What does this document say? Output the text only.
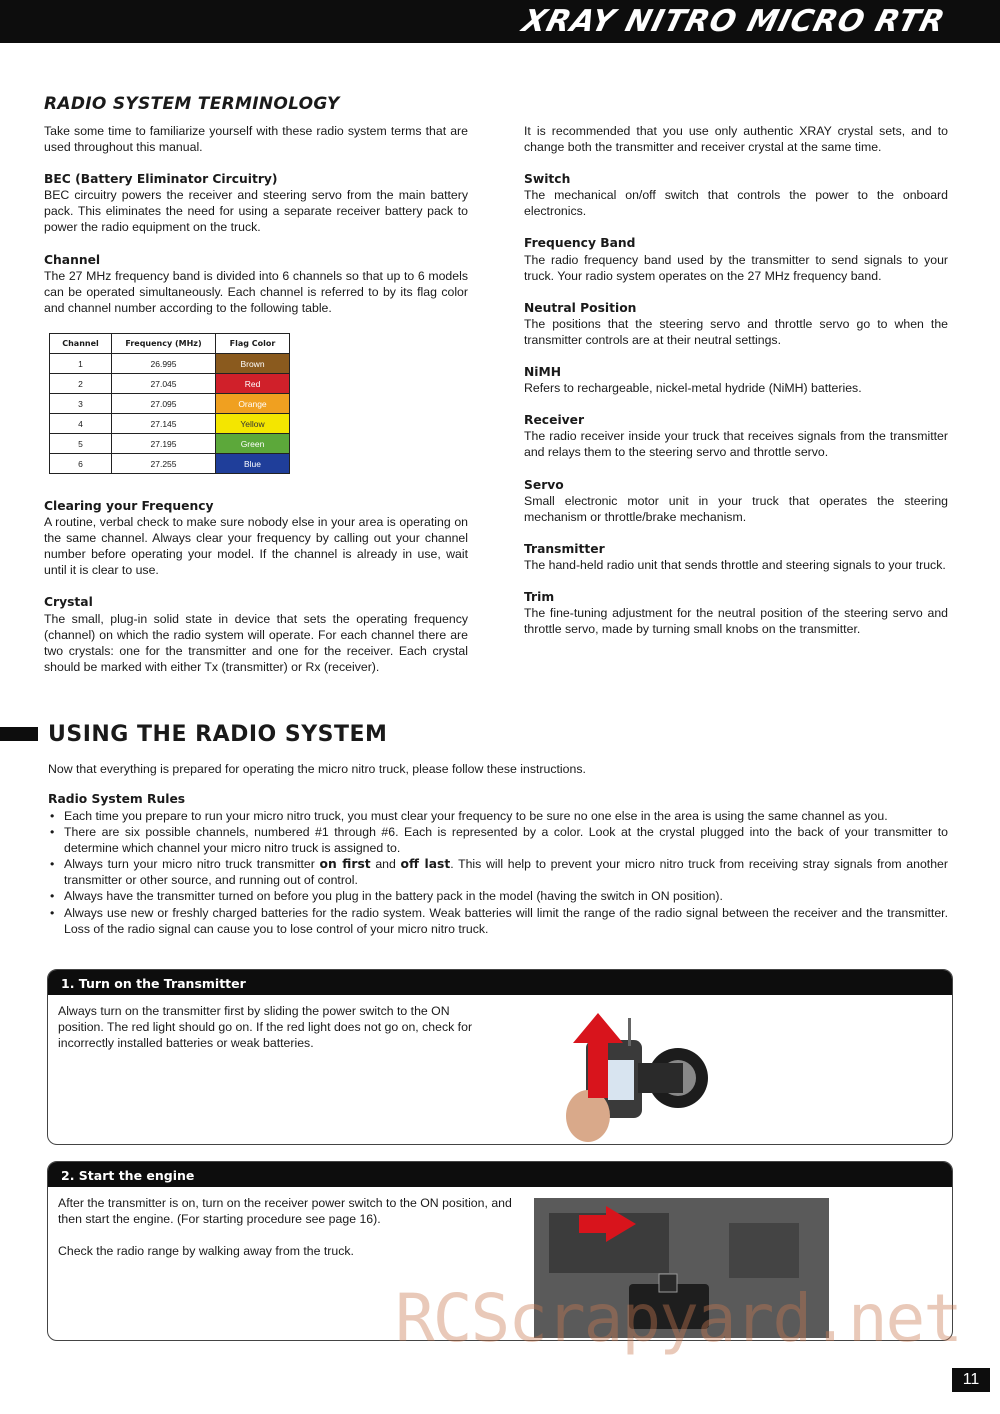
XRAY NITRO MICRO RTR
RADIO SYSTEM TERMINOLOGY

Take some time to familiarize yourself with these radio system terms that are used throughout this manual.

BEC (Battery Eliminator Circuitry)

BEC circuitry powers the receiver and steering servo from the main battery pack. This eliminates the need for using a separate receiver battery pack to power the radio equipment on the truck.

Channel

The 27 MHz frequency band is divided into 6 channels so that up to 6 models can be operated simultaneously. Each channel is referred to by its flag color and channel number according to the following table.

Channel	Frequency (MHz)	Flag Color
1	26.995	Brown
2	27.045	Red
3	27.095	Orange
4	27.145	Yellow
5	27.195	Green
6	27.255	Blue
Clearing your Frequency

A routine, verbal check to make sure nobody else in your area is operating on the same channel. Always clear your frequency by calling out your channel number before operating your model. If the channel is already in use, wait until it is clear to use.

Crystal

The small, plug-in solid state in device that sets the operating frequency (channel) on which the radio system will operate. For each channel there are two crystals: one for the transmitter and one for the receiver. Each crystal should be marked with either Tx (transmitter) or Rx (receiver).

It is recommended that you use only authentic XRAY crystal sets, and to change both the transmitter and receiver crystal at the same time.

Switch

The mechanical on/off switch that controls the power to the onboard electronics.

Frequency Band

The radio frequency band used by the transmitter to send signals to your truck. Your radio system operates on the 27 MHz frequency band.

Neutral Position

The positions that the steering servo and throttle servo go to when the transmitter controls are at their neutral settings.

NiMH

Refers to rechargeable, nickel-metal hydride (NiMH) batteries.

Receiver

The radio receiver inside your truck that receives signals from the transmitter and relays them to the steering servo and throttle servo.

Servo

Small electronic motor unit in your truck that operates the steering mechanism or throttle/brake mechanism.

Transmitter

The hand-held radio unit that sends throttle and steering signals to your truck.

Trim

The fine-tuning adjustment for the neutral position of the steering servo and throttle servo, made by turning small knobs on the transmitter.

USING THE RADIO SYSTEM
Now that everything is prepared for operating the micro nitro truck, please follow these instructions.
Radio System Rules
• Each time you prepare to run your micro nitro truck, you must clear your frequency to be sure no one else in the area is using the same channel as you.
• There are six possible channels, numbered #1 through #6. Each is represented by a color. Look at the crystal plugged into the back of your transmitter to determine which channel your micro nitro truck is assigned to.
• Always turn your micro nitro truck transmitter on first and off last. This will help to prevent your micro nitro truck from receiving stray signals from another transmitter or other source, and running out of control.
• Always have the transmitter turned on before you plug in the battery pack in the model (having the switch in ON position).
• Always use new or freshly charged batteries for the radio system. Weak batteries will limit the range of the radio signal between the receiver and the transmitter. Loss of the radio signal can cause you to lose control of your micro nitro truck.
1. Turn on the Transmitter
Always turn on the transmitter first by sliding the power switch to the ON position. The red light should go on. If the red light does not go on, check for incorrectly installed batteries or weak batteries.
2. Start the engine
After the transmitter is on, turn on the receiver power switch to the ON position, and then start the engine. (For starting procedure see page 16).
Check the radio range by walking away from the truck.
RCScrapyard.net
11
